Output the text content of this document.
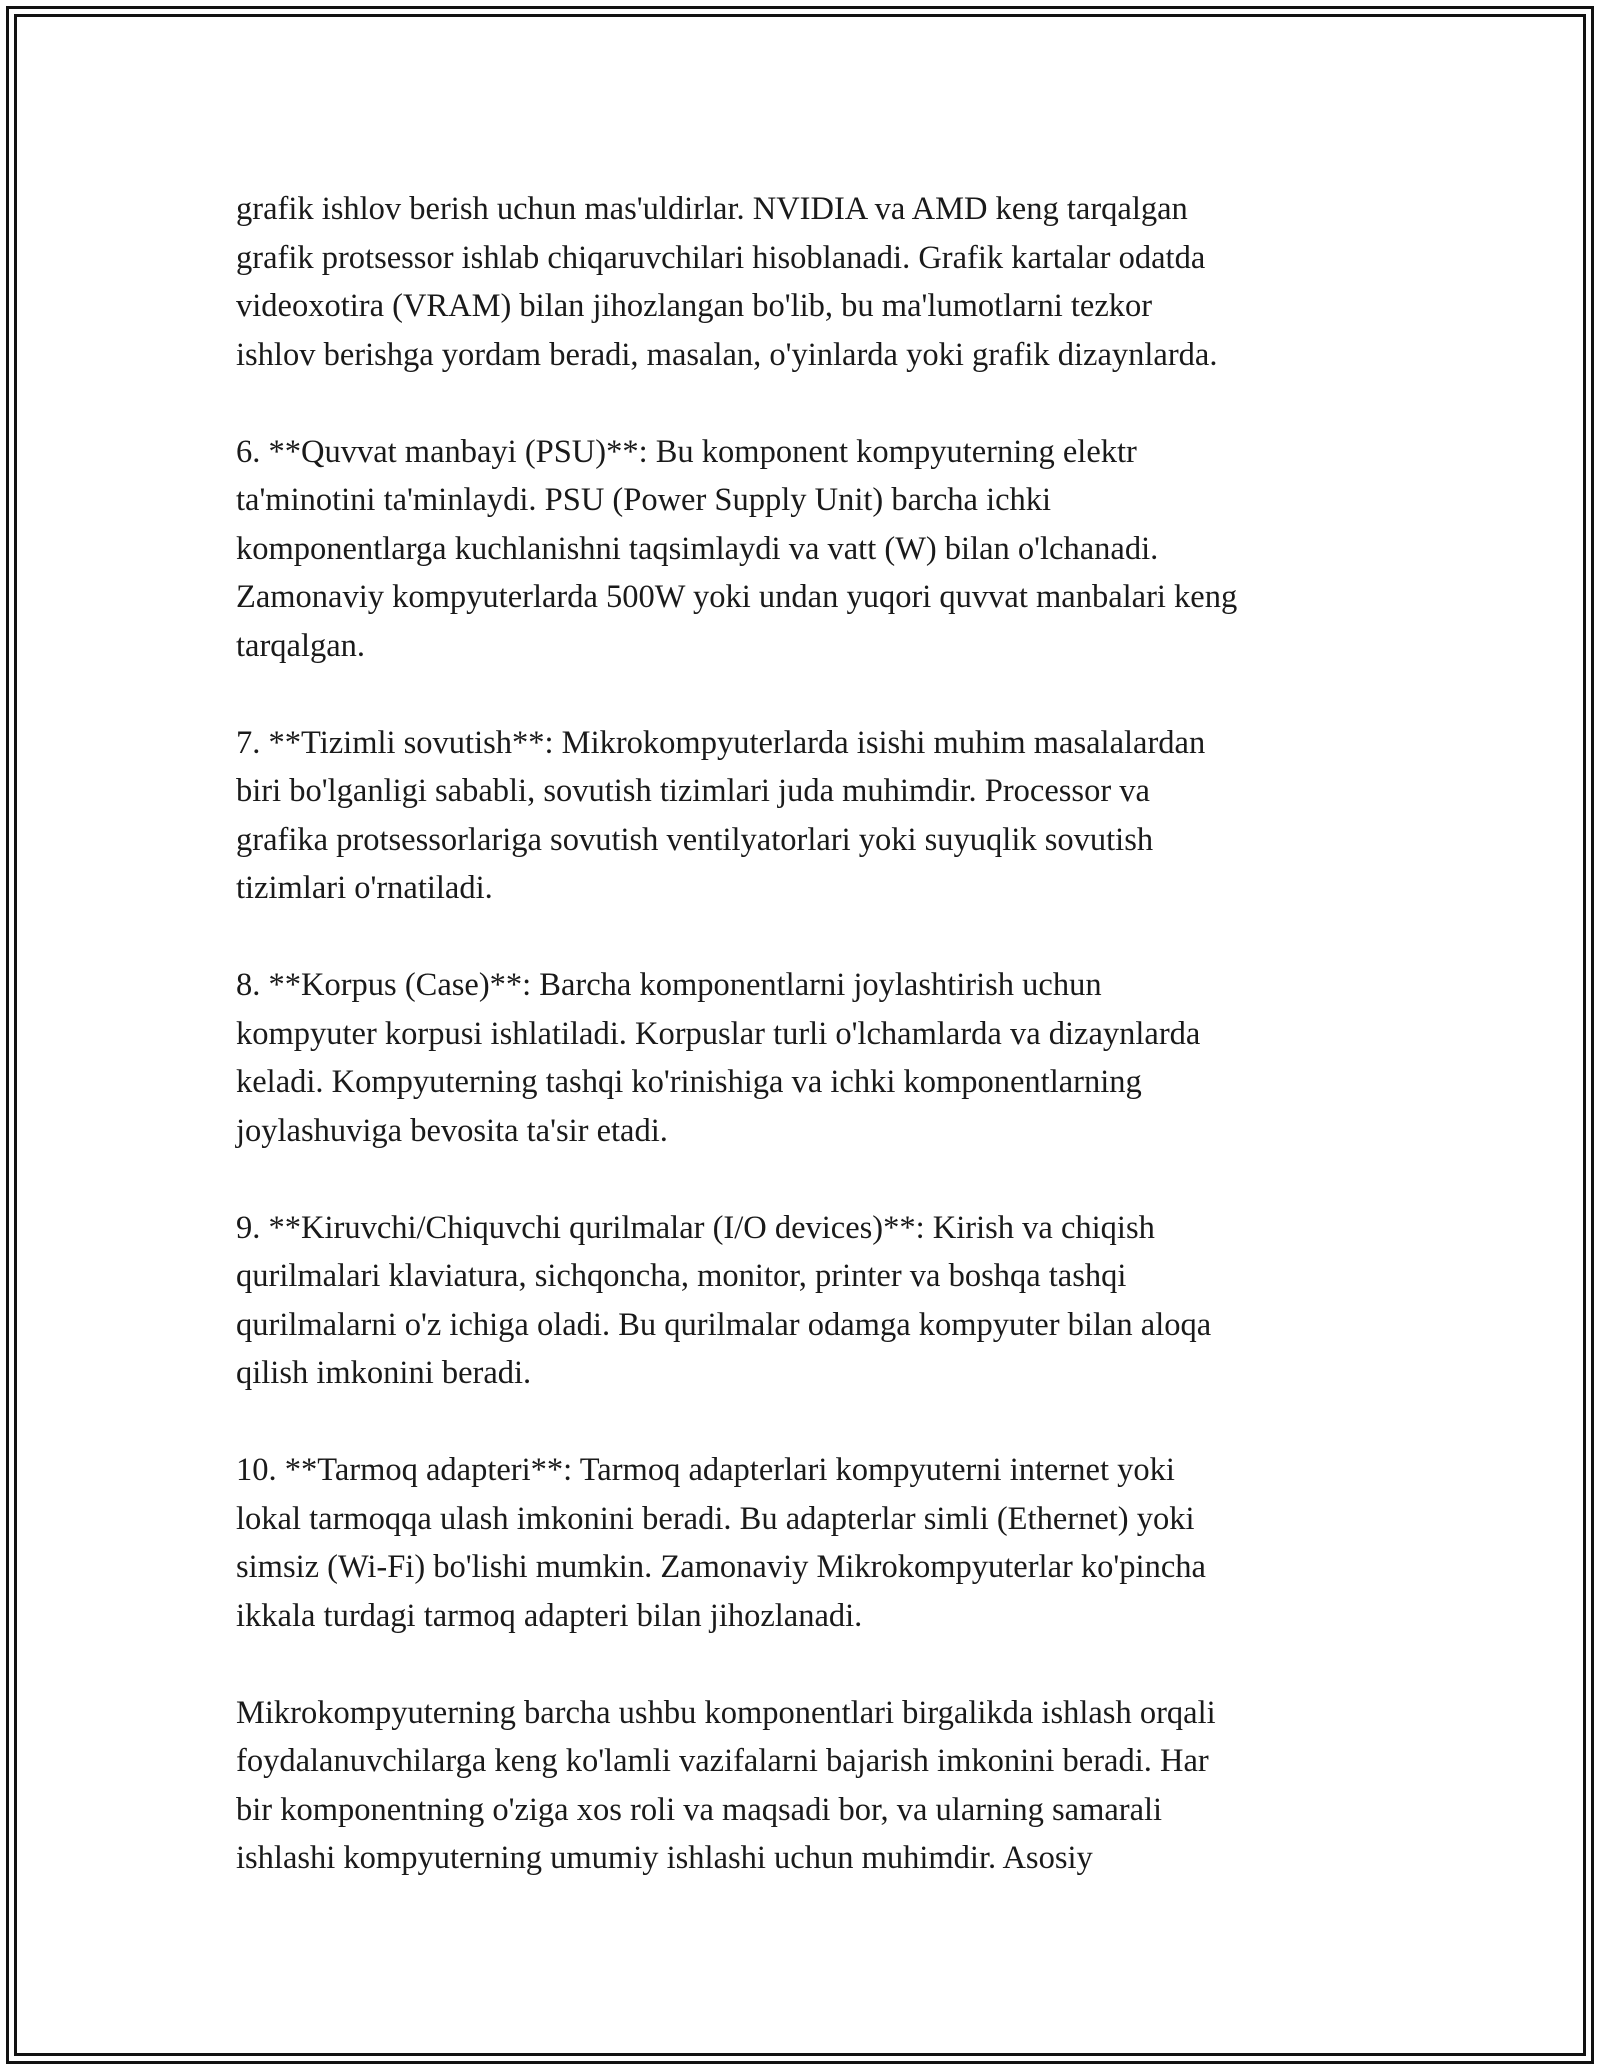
grafik ishlov berish uchun mas'uldirlar. NVIDIA va AMD keng tarqalgan
grafik protsessor ishlab chiqaruvchilari hisoblanadi. Grafik kartalar odatda
videoxotira (VRAM) bilan jihozlangan bo'lib, bu ma'lumotlarni tezkor
ishlov berishga yordam beradi, masalan, o'yinlarda yoki grafik dizaynlarda.

6. **Quvvat manbayi (PSU)**: Bu komponent kompyuterning elektr
ta'minotini ta'minlaydi. PSU (Power Supply Unit) barcha ichki
komponentlarga kuchlanishni taqsimlaydi va vatt (W) bilan o'lchanadi.
Zamonaviy kompyuterlarda 500W yoki undan yuqori quvvat manbalari keng
tarqalgan.

7. **Tizimli sovutish**: Mikrokompyuterlarda isishi muhim masalalardan
biri bo'lganligi sababli, sovutish tizimlari juda muhimdir. Processor va
grafika protsessorlariga sovutish ventilyatorlari yoki suyuqlik sovutish
tizimlari o'rnatiladi.

8. **Korpus (Case)**: Barcha komponentlarni joylashtirish uchun
kompyuter korpusi ishlatiladi. Korpuslar turli o'lchamlarda va dizaynlarda
keladi. Kompyuterning tashqi ko'rinishiga va ichki komponentlarning
joylashuviga bevosita ta'sir etadi.

9. **Kiruvchi/Chiquvchi qurilmalar (I/O devices)**: Kirish va chiqish
qurilmalari klaviatura, sichqoncha, monitor, printer va boshqa tashqi
qurilmalarni o'z ichiga oladi. Bu qurilmalar odamga kompyuter bilan aloqa
qilish imkonini beradi.

10. **Tarmoq adapteri**: Tarmoq adapterlari kompyuterni internet yoki
lokal tarmoqqa ulash imkonini beradi. Bu adapterlar simli (Ethernet) yoki
simsiz (Wi-Fi) bo'lishi mumkin. Zamonaviy Mikrokompyuterlar ko'pincha
ikkala turdagi tarmoq adapteri bilan jihozlanadi.

Mikrokompyuterning barcha ushbu komponentlari birgalikda ishlash orqali
foydalanuvchilarga keng ko'lamli vazifalarni bajarish imkonini beradi. Har
bir komponentning o'ziga xos roli va maqsadi bor, va ularning samarali
ishlashi kompyuterning umumiy ishlashi uchun muhimdir. Asosiy
